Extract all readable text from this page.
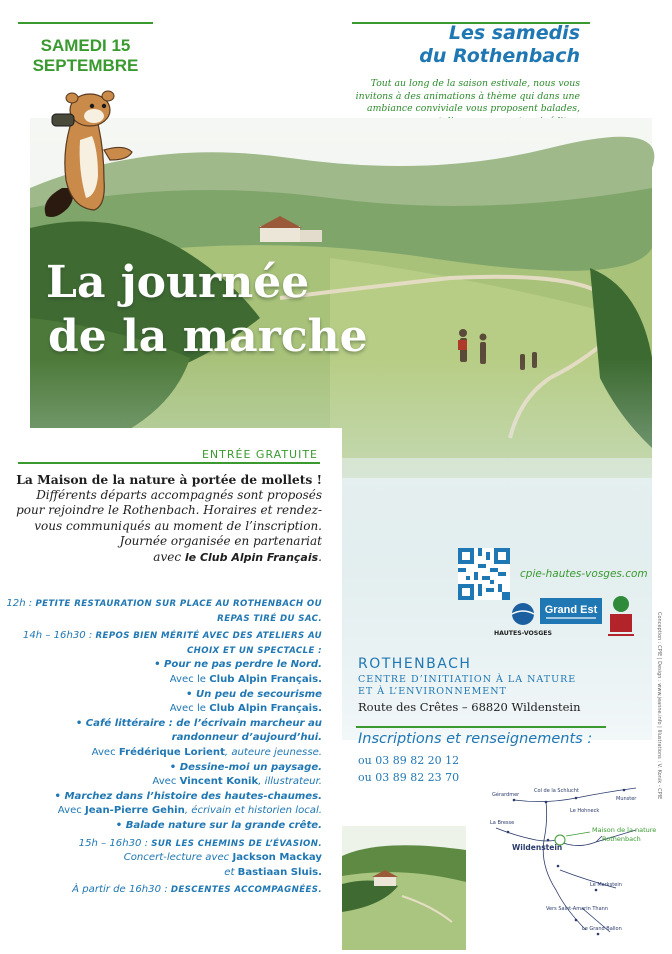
SAMEDI 15
SEPTEMBRE
Les samedis
du Rothenbach
Tout au long de la saison estivale, nous vous invitons à des animations à thème qui dans une ambiance conviviale vous proposent balades,
La journée
de la marche
ENTRÉE GRATUITE
La Maison de la nature à portée de mollets !
Différents départs accompagnés sont proposés pour rejoindre le Rothenbach. Horaires et rendez-vous communiqués au moment de l’inscription. Journée organisée en partenariat
avec le Club Alpin Français.
12h : PETITE RESTAURATION SUR PLACE AU ROTHENBACH OU REPAS TIRÉ DU SAC.
14h – 16h30 : REPOS BIEN MÉRITÉ AVEC DES ATELIERS AU CHOIX ET UN SPECTACLE :
• Pour ne pas perdre le Nord.
Avec le Club Alpin Français.
• Un peu de secourisme
Avec le Club Alpin Français.
• Café littéraire : de l’écrivain marcheur au randonneur d’aujourd’hui.
Avec Frédérique Lorient, auteure jeunesse.
• Dessine-moi un paysage.
Avec Vincent Konik, illustrateur.
• Marchez dans l’histoire des hautes-chaumes.
Avec Jean-Pierre Gehin, écrivain et historien local.
• Balade nature sur la grande crête.
15h – 16h30 : SUR LES CHEMINS DE L’ÉVASION.
Concert-lecture avec Jackson Mackay
et Bastiaan Sluis.
À partir de 16h30 : DESCENTES ACCOMPAGNÉES.
cpie-hautes-vosges.com
HAUTES-VOSGES
Grand Est
ROTHENBACH
CENTRE D’INITIATION À LA NATURE
ET À L’ENVIRONNEMENT
Route des Crêtes – 68820 Wildenstein
Inscriptions et renseignements :
ou 03 89 82 20 12
ou 03 89 82 23 70	Conception : CPIE | Design : www.jeanne.info | Illustrations : V. Konik - CPIE
Gérardmer
Col de la Schlucht
Le Hohneck
Munster
La Bresse
Wildenstein
Maison de la nature
Rothenbach
Le Markstein
Vers Saint-Amarin Thann
Le Grand Ballon
